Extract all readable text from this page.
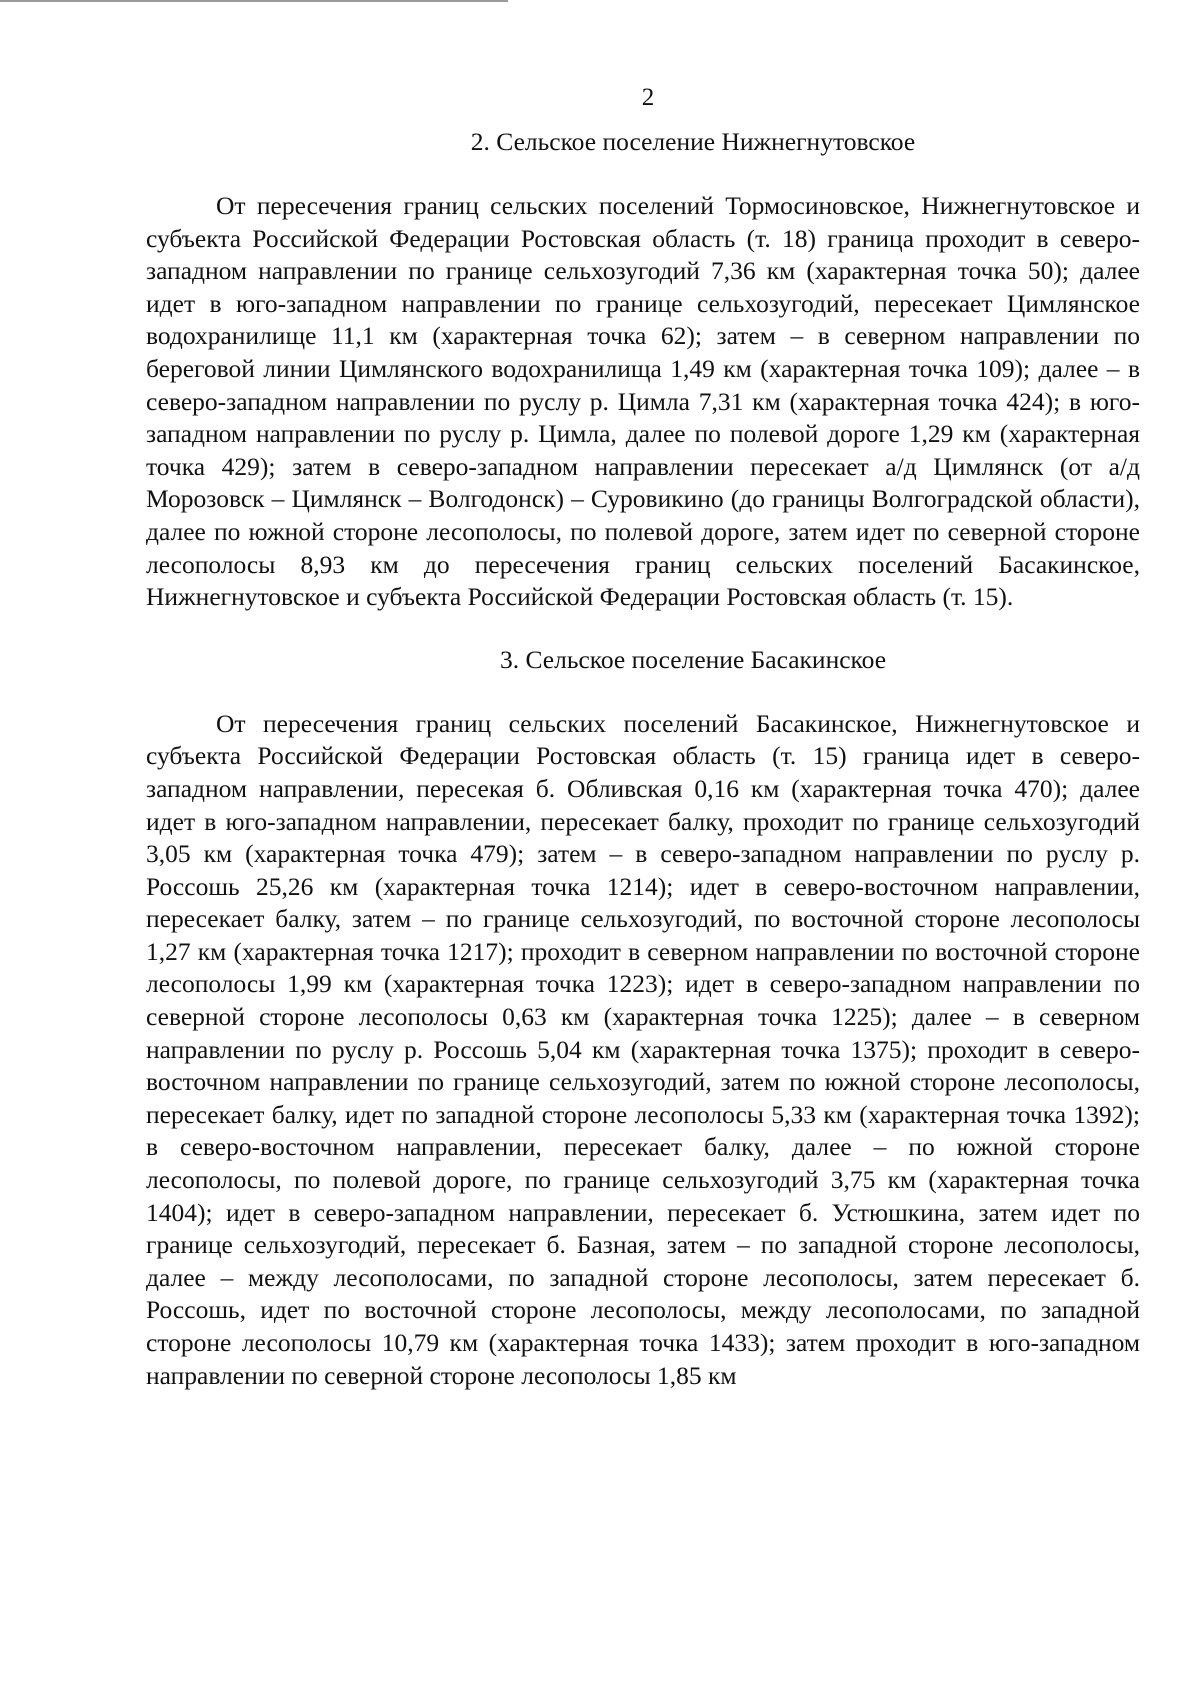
2
2. Сельское поселение Нижнегнутовское

От пересечения границ сельских поселений Тормосиновское, Нижнегнутовское и субъекта Российской Федерации Ростовская область (т. 18) граница проходит в северо-западном направлении по границе сельхозугодий 7,36 км (характерная точка 50); далее идет в юго-западном направлении по границе сельхозугодий, пересекает Цимлянское водохранилище 11,1 км (характерная точка 62); затем – в северном направлении по береговой линии Цимлянского водохранилища 1,49 км (характерная точка 109); далее – в северо-западном направлении по руслу р. Цимла 7,31 км (характерная точка 424); в юго-западном направлении по руслу р. Цимла, далее по полевой дороге 1,29 км (характерная точка 429); затем в северо-западном направлении пересекает а/д Цимлянск (от а/д Морозовск – Цимлянск – Волгодонск) – Суровикино (до границы Волгоградской области), далее по южной стороне лесополосы, по полевой дороге, затем идет по северной стороне лесополосы 8,93 км до пересечения границ сельских поселений Басакинское, Нижнегнутовское и субъекта Российской Федерации Ростовская область (т. 15).

3. Сельское поселение Басакинское

От пересечения границ сельских поселений Басакинское, Нижнегнутовское и субъекта Российской Федерации Ростовская область (т. 15) граница идет в северо-западном направлении, пересекая б. Обливская 0,16 км (характерная точка 470); далее идет в юго-западном направлении, пересекает балку, проходит по границе сельхозугодий 3,05 км (характерная точка 479); затем – в северо-западном направлении по руслу р. Россошь 25,26 км (характерная точка 1214); идет в северо-восточном направлении, пересекает балку, затем – по границе сельхозугодий, по восточной стороне лесополосы 1,27 км (характерная точка 1217); проходит в северном направлении по восточной стороне лесополосы 1,99 км (характерная точка 1223); идет в северо-западном направлении по северной стороне лесополосы 0,63 км (характерная точка 1225); далее – в северном направлении по руслу р. Россошь 5,04 км (характерная точка 1375); проходит в северо-восточном направлении по границе сельхозугодий, затем по южной стороне лесополосы, пересекает балку, идет по западной стороне лесополосы 5,33 км (характерная точка 1392); в северо-восточном направлении, пересекает балку, далее – по южной стороне лесополосы, по полевой дороге, по границе сельхозугодий 3,75 км (характерная точка 1404); идет в северо-западном направлении, пересекает б. Устюшкина, затем идет по границе сельхозугодий, пересекает б. Базная, затем – по западной стороне лесополосы, далее – между лесополосами, по западной стороне лесополосы, затем пересекает б. Россошь, идет по восточной стороне лесополосы, между лесополосами, по западной стороне лесополосы 10,79 км (характерная точка 1433); затем проходит в юго-западном направлении по северной стороне лесополосы 1,85 км
